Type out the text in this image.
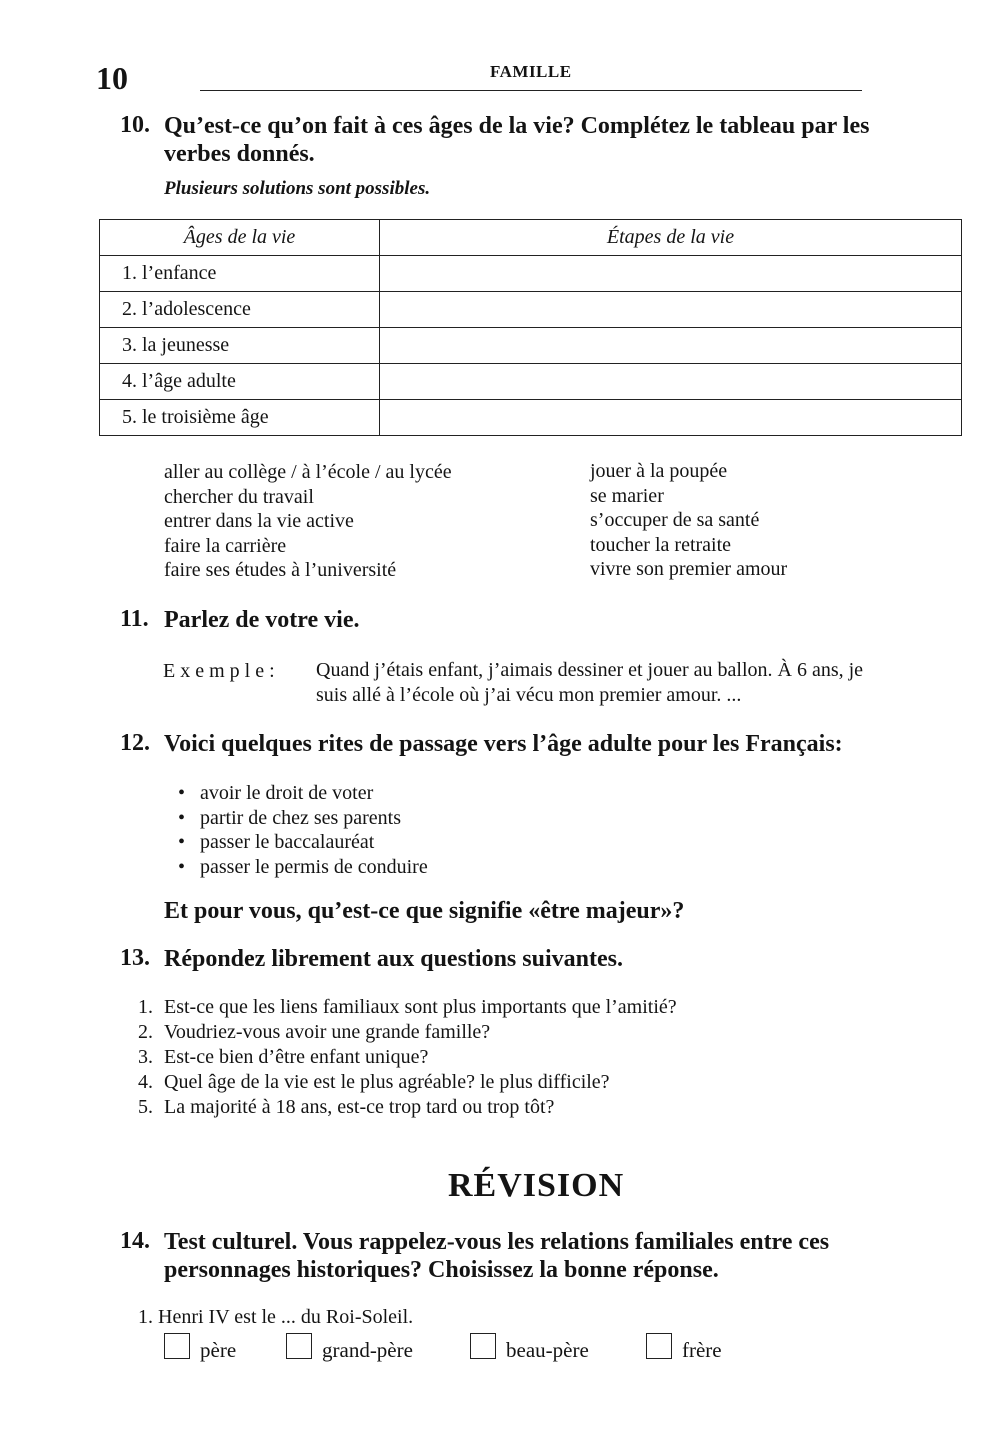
10	FAMILLE
10. Qu’est-ce qu’on fait à ces âges de la vie? Complétez le tableau par les
verbes donnés.
Plusieurs solutions sont possibles.
Âges de la vie	Étapes de la vie
1. l’enfance	
2. l’adolescence	
3. la jeunesse	
4. l’âge adulte	
5. le troisième âge	
aller au collège / à l’école / au lycée
chercher du travail
entrer dans la vie active
faire la carrière
faire ses études à l’université
jouer à la poupée
se marier
s’occuper de sa santé
toucher la retraite
vivre son premier amour
11. Parlez de votre vie.
Exemple: Quand j’étais enfant, j’aimais dessiner et jouer au ballon. À 6 ans, je
suis allé à l’école où j’ai vécu mon premier amour. ...
12. Voici quelques rites de passage vers l’âge adulte pour les Français:
• avoir le droit de voter
• partir de chez ses parents
• passer le baccalauréat
• passer le permis de conduire
Et pour vous, qu’est-ce que signifie «être majeur»?
13. Répondez librement aux questions suivantes.
1. Est-ce que les liens familiaux sont plus importants que l’amitié?
2. Voudriez-vous avoir une grande famille?
3. Est-ce bien d’être enfant unique?
4. Quel âge de la vie est le plus agréable? le plus difficile?
5. La majorité à 18 ans, est-ce trop tard ou trop tôt?
RÉVISION
14. Test culturel. Vous rappelez-vous les relations familiales entre ces
personnages historiques? Choisissez la bonne réponse.
1. Henri IV est le ... du Roi-Soleil.
père	grand-père	beau-père	frère
